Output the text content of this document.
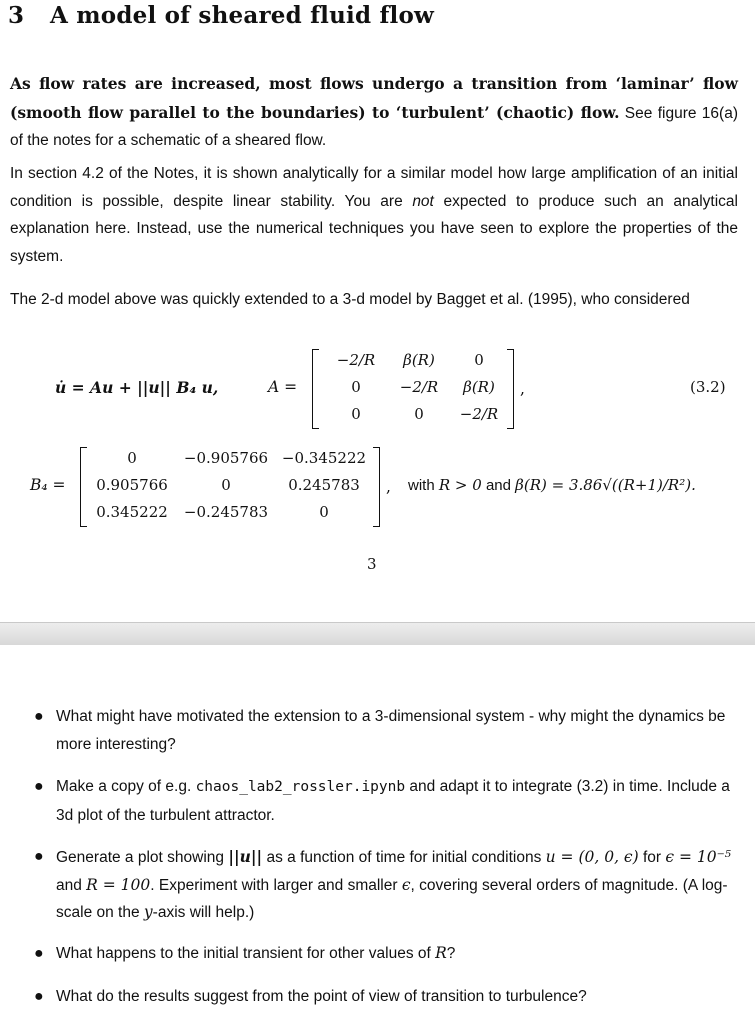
3 A model of sheared fluid flow
As flow rates are increased, most flows undergo a transition from ‘laminar’ flow (smooth flow parallel to the boundaries) to ‘turbulent’ (chaotic) flow. See figure 16(a) of the notes for a schematic of a sheared flow.
In section 4.2 of the Notes, it is shown analytically for a similar model how large amplification of an initial condition is possible, despite linear stability. You are not expected to produce such an analytical explanation here. Instead, use the numerical techniques you have seen to explore the properties of the system.
The 2-d model above was quickly extended to a 3-d model by Bagget et al. (1995), who considered
u̇ = Au + ||u|| B₄ u,	A =
−2/R	β(R)	0
0	−2/R	β(R)
0	0	−2/R
,	(3.2)
B₄ =
0	−0.905766 −0.345222
0.905766	0	0.245783
0.345222	−0.245783	0
, with R > 0 and β(R) = 3.86√((R+1)/R²).
3
● What might have motivated the extension to a 3-dimensional system - why might the dynamics be more interesting?
● Make a copy of e.g. chaos_lab2_rossler.ipynb and adapt it to integrate (3.2) in time. Include a 3d plot of the turbulent attractor.
● Generate a plot showing ||u|| as a function of time for initial conditions u = (0, 0, ϵ) for ϵ = 10⁻⁵ and R = 100. Experiment with larger and smaller ϵ, covering several orders of magnitude. (A log-scale on the y-axis will help.)
● What happens to the initial transient for other values of R?
● What do the results suggest from the point of view of transition to turbulence?
